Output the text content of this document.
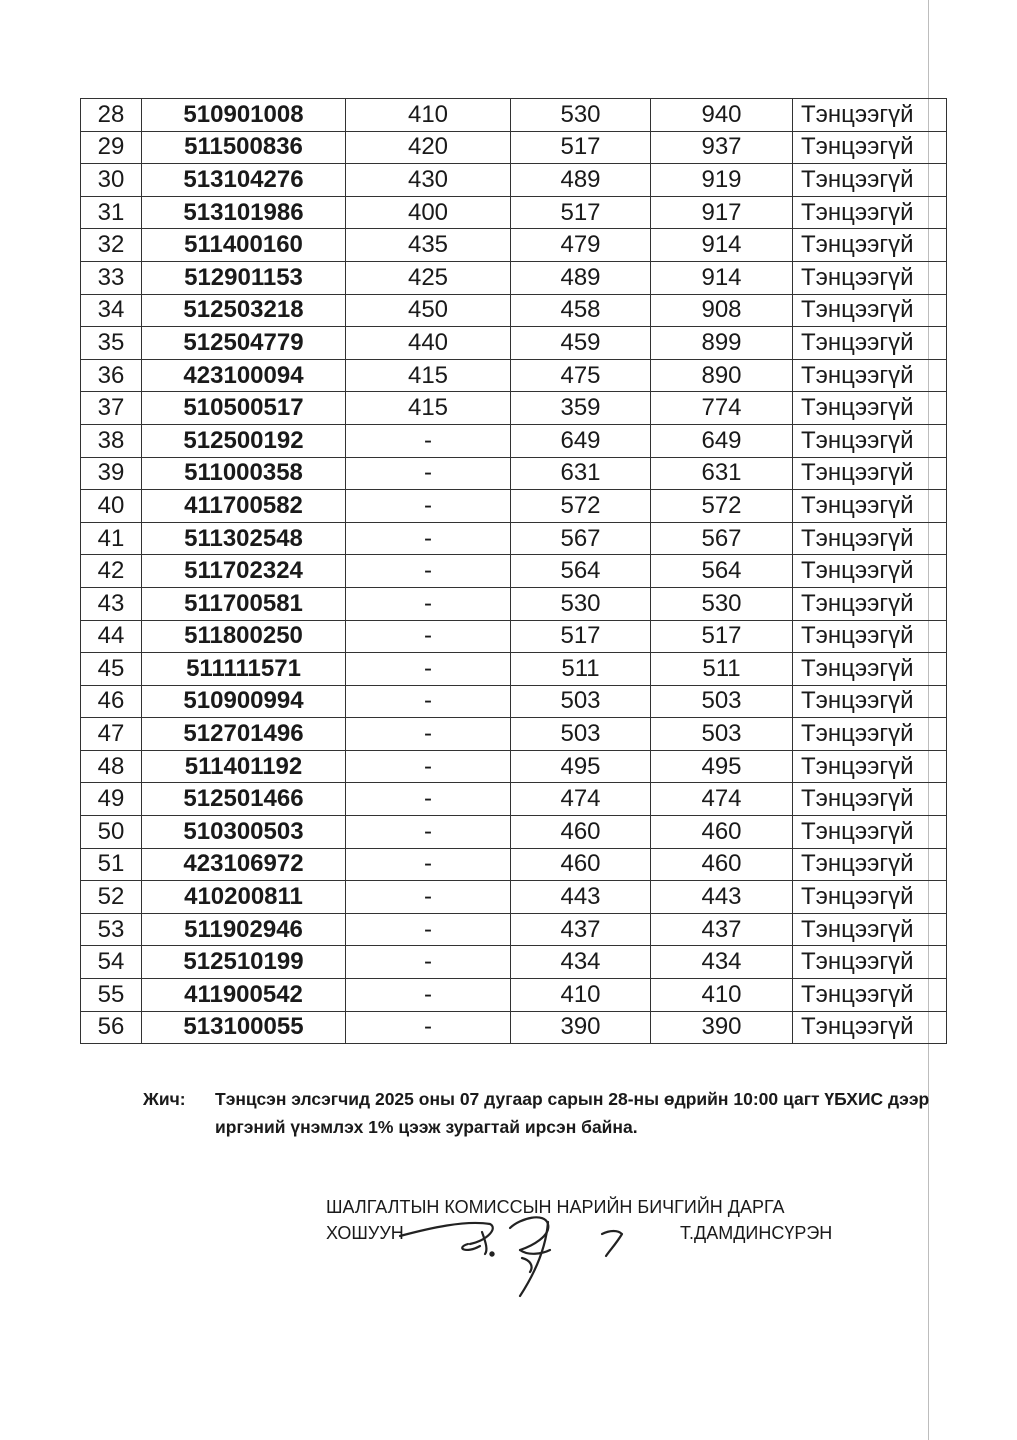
28	510901008	410	530	940	Тэнцээгүй
29	511500836	420	517	937	Тэнцээгүй
30	513104276	430	489	919	Тэнцээгүй
31	513101986	400	517	917	Тэнцээгүй
32	511400160	435	479	914	Тэнцээгүй
33	512901153	425	489	914	Тэнцээгүй
34	512503218	450	458	908	Тэнцээгүй
35	512504779	440	459	899	Тэнцээгүй
36	423100094	415	475	890	Тэнцээгүй
37	510500517	415	359	774	Тэнцээгүй
38	512500192	-	649	649	Тэнцээгүй
39	511000358	-	631	631	Тэнцээгүй
40	411700582	-	572	572	Тэнцээгүй
41	511302548	-	567	567	Тэнцээгүй
42	511702324	-	564	564	Тэнцээгүй
43	511700581	-	530	530	Тэнцээгүй
44	511800250	-	517	517	Тэнцээгүй
45	511111571	-	511	511	Тэнцээгүй
46	510900994	-	503	503	Тэнцээгүй
47	512701496	-	503	503	Тэнцээгүй
48	511401192	-	495	495	Тэнцээгүй
49	512501466	-	474	474	Тэнцээгүй
50	510300503	-	460	460	Тэнцээгүй
51	423106972	-	460	460	Тэнцээгүй
52	410200811	-	443	443	Тэнцээгүй
53	511902946	-	437	437	Тэнцээгүй
54	512510199	-	434	434	Тэнцээгүй
55	411900542	-	410	410	Тэнцээгүй
56	513100055	-	390	390	Тэнцээгүй
Жич: Тэнцсэн элсэгчид 2025 оны 07 дугаар сарын 28-ны өдрийн 10:00 цагт ҮБХИС дээр иргэний үнэмлэх 1% цээж зурагтай ирсэн байна.
ШАЛГАЛТЫН КОМИССЫН НАРИЙН БИЧГИЙН ДАРГА
ХОШУУН	Т.ДАМДИНСҮРЭН
